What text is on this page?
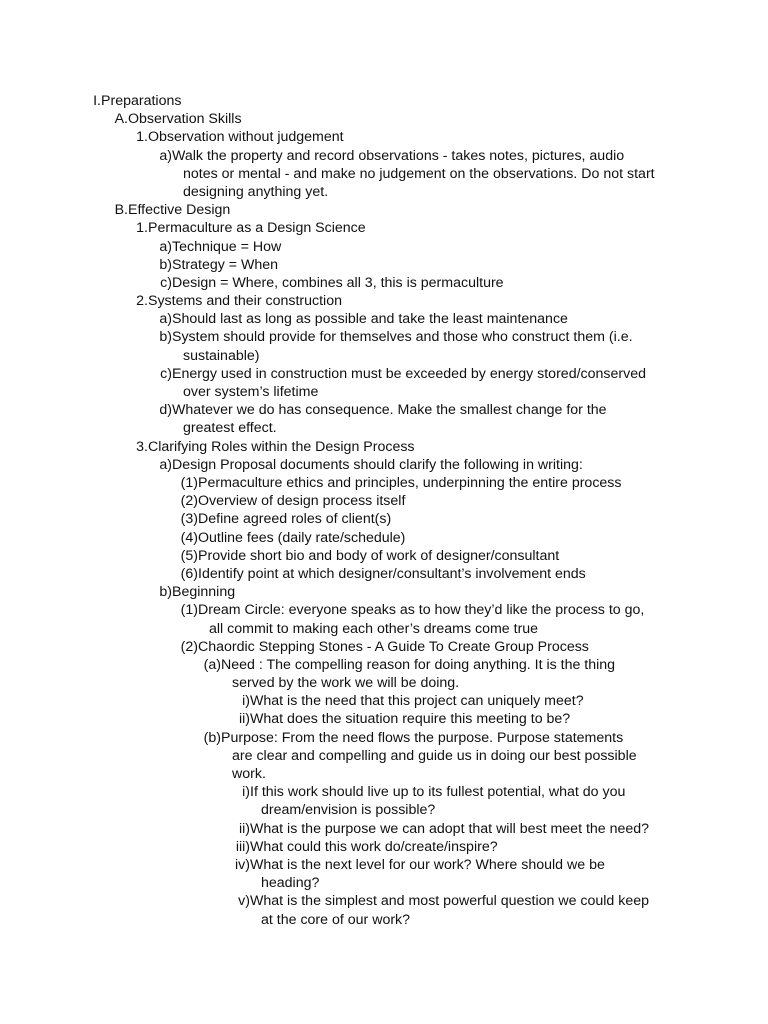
I. Preparations
A. Observation Skills
1. Observation without judgement
a) Walk the property and record observations - takes notes, pictures, audio
notes or mental - and make no judgement on the observations. Do not start
designing anything yet.
B. Effective Design
1. Permaculture as a Design Science
a) Technique = How
b) Strategy = When
c) Design = Where, combines all 3, this is permaculture
2. Systems and their construction
a) Should last as long as possible and take the least maintenance
b) System should provide for themselves and those who construct them (i.e.
sustainable)
c) Energy used in construction must be exceeded by energy stored/conserved
over system’s lifetime
d) Whatever we do has consequence. Make the smallest change for the
greatest effect.
3. Clarifying Roles within the Design Process
a) Design Proposal documents should clarify the following in writing:
(1) Permaculture ethics and principles, underpinning the entire process
(2) Overview of design process itself
(3) Define agreed roles of client(s)
(4) Outline fees (daily rate/schedule)
(5) Provide short bio and body of work of designer/consultant
(6) Identify point at which designer/consultant’s involvement ends
b) Beginning
(1) Dream Circle: everyone speaks as to how they’d like the process to go,
all commit to making each other’s dreams come true
(2) Chaordic Stepping Stones - A Guide To Create Group Process
(a) Need : The compelling reason for doing anything. It is the thing
served by the work we will be doing.
i) What is the need that this project can uniquely meet?
ii) What does the situation require this meeting to be?
(b) Purpose: From the need flows the purpose. Purpose statements
are clear and compelling and guide us in doing our best possible
work.
i) If this work should live up to its fullest potential, what do you
dream/envision is possible?
ii) What is the purpose we can adopt that will best meet the need?
iii) What could this work do/create/inspire?
iv) What is the next level for our work? Where should we be
heading?
v) What is the simplest and most powerful question we could keep
at the core of our work?
